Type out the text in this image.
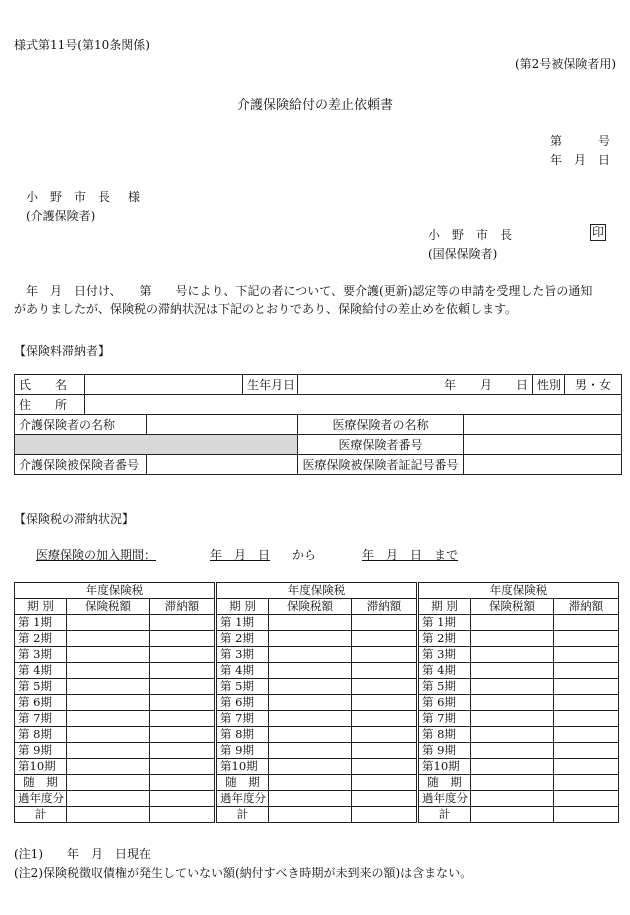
様式第11号(第10条関係)
(第2号被保険者用)
介護保険給付の差止依頼書
第　　　号
年　月　日
小野市長 様
(介護保険者)
小野市長	印
(国保保険者)
　年　月　日付け、　　第　　号により、下記の者について、要介護(更新)認定等の申請を受理した旨の通知
がありましたが、保険税の滞納状況は下記のとおりであり、保険給付の差止めを依頼します。
【保険料滞納者】
氏　　名			生年月日	年　　月　　日		性別	男・女
住　　所							
介護保険者の名称				医療保険者の名称			
				医療保険者番号			
介護保険被保険者番号				医療保険被保険者証記号番号			
【保険税の滞納状況】
医療保険の加入期間：	年　月　日 から	年　月　日　まで
年度保険税		
期 別	保険税額	滞納額
第 1期		
第 2期		
第 3期		
第 4期		
第 5期		
第 6期		
第 7期		
第 8期		
第 9期		
第10期		
随　期		
過年度分		
計		
年度保険税		
期 別	保険税額	滞納額
第 1期		
第 2期		
第 3期		
第 4期		
第 5期		
第 6期		
第 7期		
第 8期		
第 9期		
第10期		
随　期		
過年度分		
計		
年度保険税		
期 別	保険税額	滞納額
第 1期		
第 2期		
第 3期		
第 4期		
第 5期		
第 6期		
第 7期		
第 8期		
第 9期		
第10期		
随　期		
過年度分		
計		
(注1)　　年　月　日現在
(注2)保険税徴収債権が発生していない額(納付すべき時期が未到来の額)は含まない。
